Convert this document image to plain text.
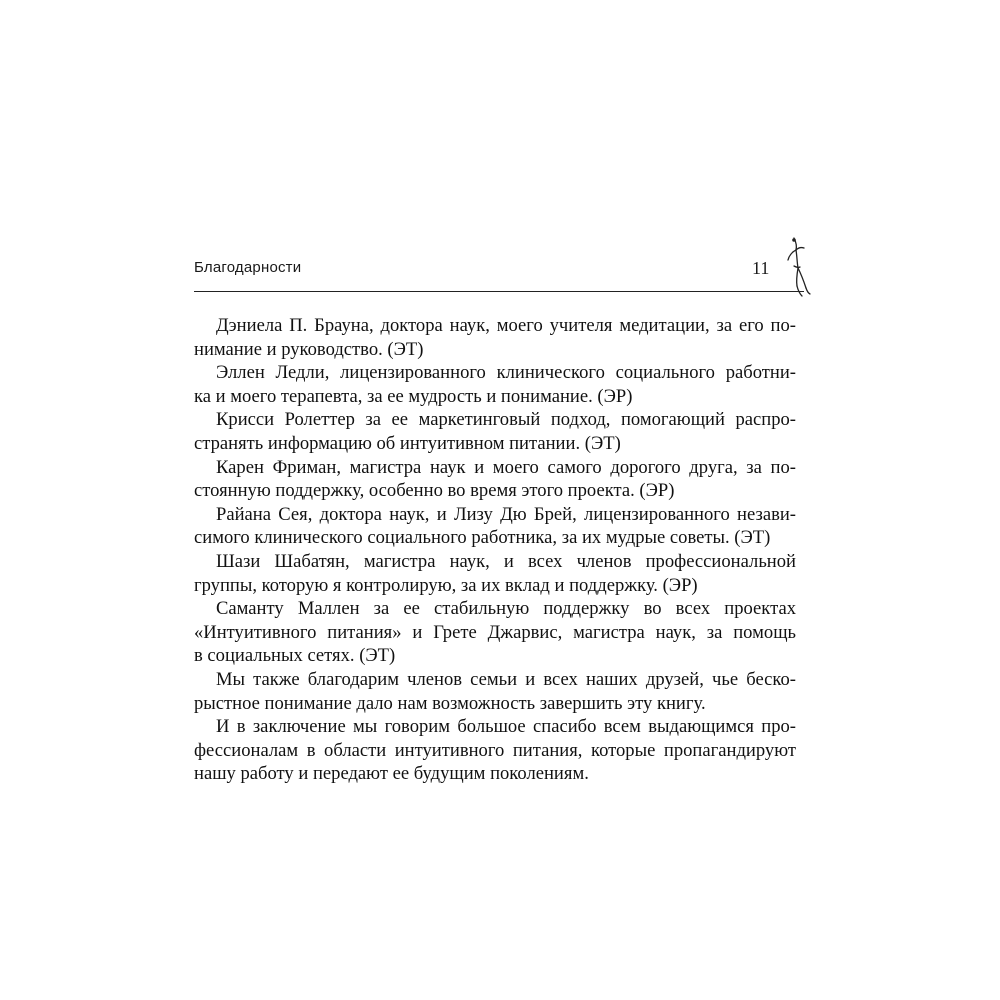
Благодарности	11

Дэниела П. Брауна, доктора наук, моего учителя медитации, за его по-
нимание и руководство. (ЭТ)

Эллен Ледли, лицензированного клинического социального работни-
ка и моего терапевта, за ее мудрость и понимание. (ЭР)

Крисси Ролеттер за ее маркетинговый подход, помогающий распро-
странять информацию об интуитивном питании. (ЭТ)

Карен Фриман, магистра наук и моего самого дорогого друга, за по-
стоянную поддержку, особенно во время этого проекта. (ЭР)

Райана Сея, доктора наук, и Лизу Дю Брей, лицензированного незави-
симого клинического социального работника, за их мудрые советы. (ЭТ)

Шази Шабатян, магистра наук, и всех членов профессиональной
группы, которую я контролирую, за их вклад и поддержку. (ЭР)

Саманту Маллен за ее стабильную поддержку во всех проектах
«Интуитивного питания» и Грете Джарвис, магистра наук, за помощь
в социальных сетях. (ЭТ)

Мы также благодарим членов семьи и всех наших друзей, чье беско-
рыстное понимание дало нам возможность завершить эту книгу.

И в заключение мы говорим большое спасибо всем выдающимся про-
фессионалам в области интуитивного питания, которые пропагандируют
нашу работу и передают ее будущим поколениям.
